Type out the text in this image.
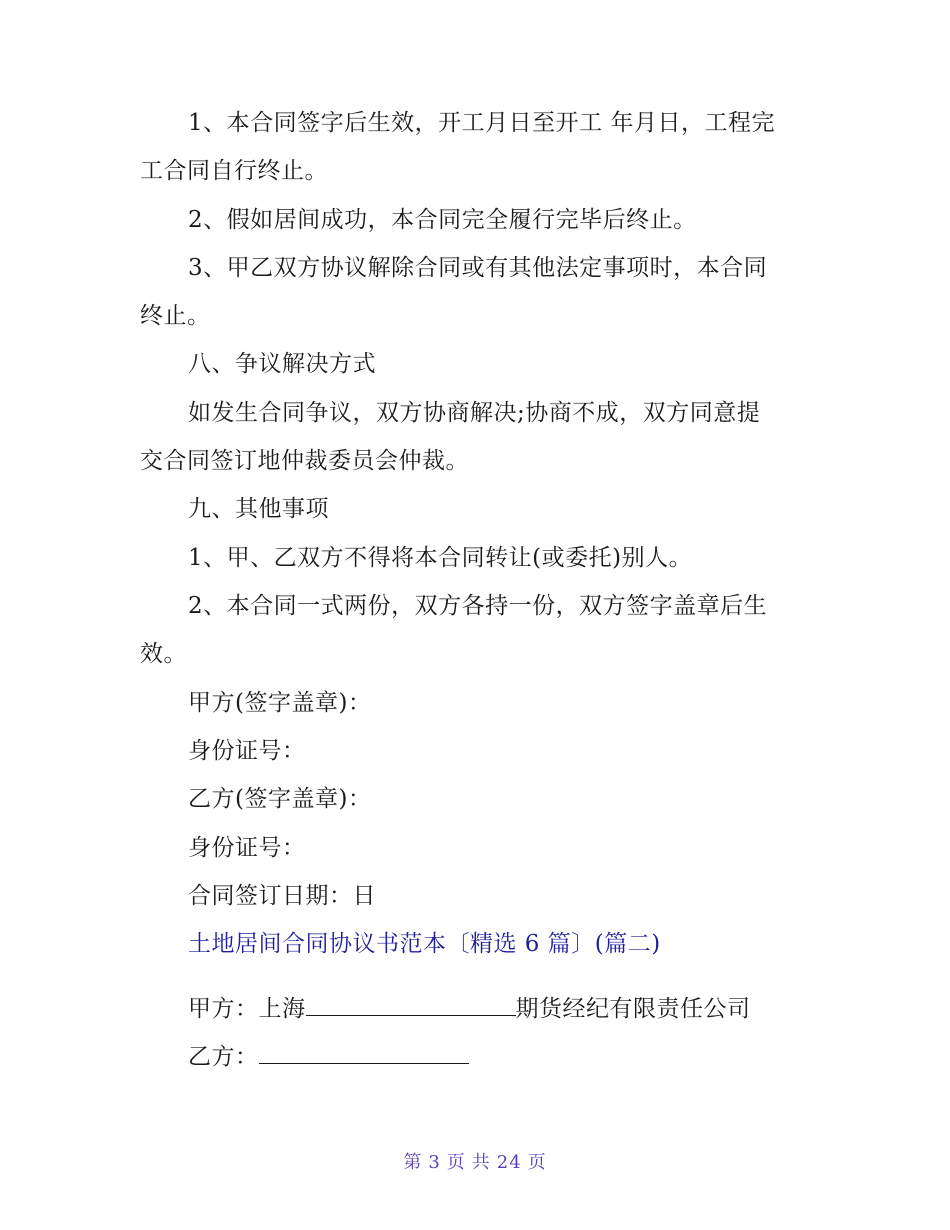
1、本合同签字后生效，开工月日至开工 年月日，工程完
工合同自行终止。
2、假如居间成功，本合同完全履行完毕后终止。
3、甲乙双方协议解除合同或有其他法定事项时，本合同
终止。
八、争议解决方式
如发生合同争议，双方协商解决;协商不成，双方同意提
交合同签订地仲裁委员会仲裁。
九、其他事项
1、甲、乙双方不得将本合同转让(或委托)别人。
2、本合同一式两份，双方各持一份，双方签字盖章后生
效。
甲方(签字盖章)：
身份证号：
乙方(签字盖章)：
身份证号：
合同签订日期：日
土地居间合同协议书范本〔精选 6 篇〕(篇二)
甲方：上海	期货经纪有限责任公司
乙方：
第 3 页 共 24 页
